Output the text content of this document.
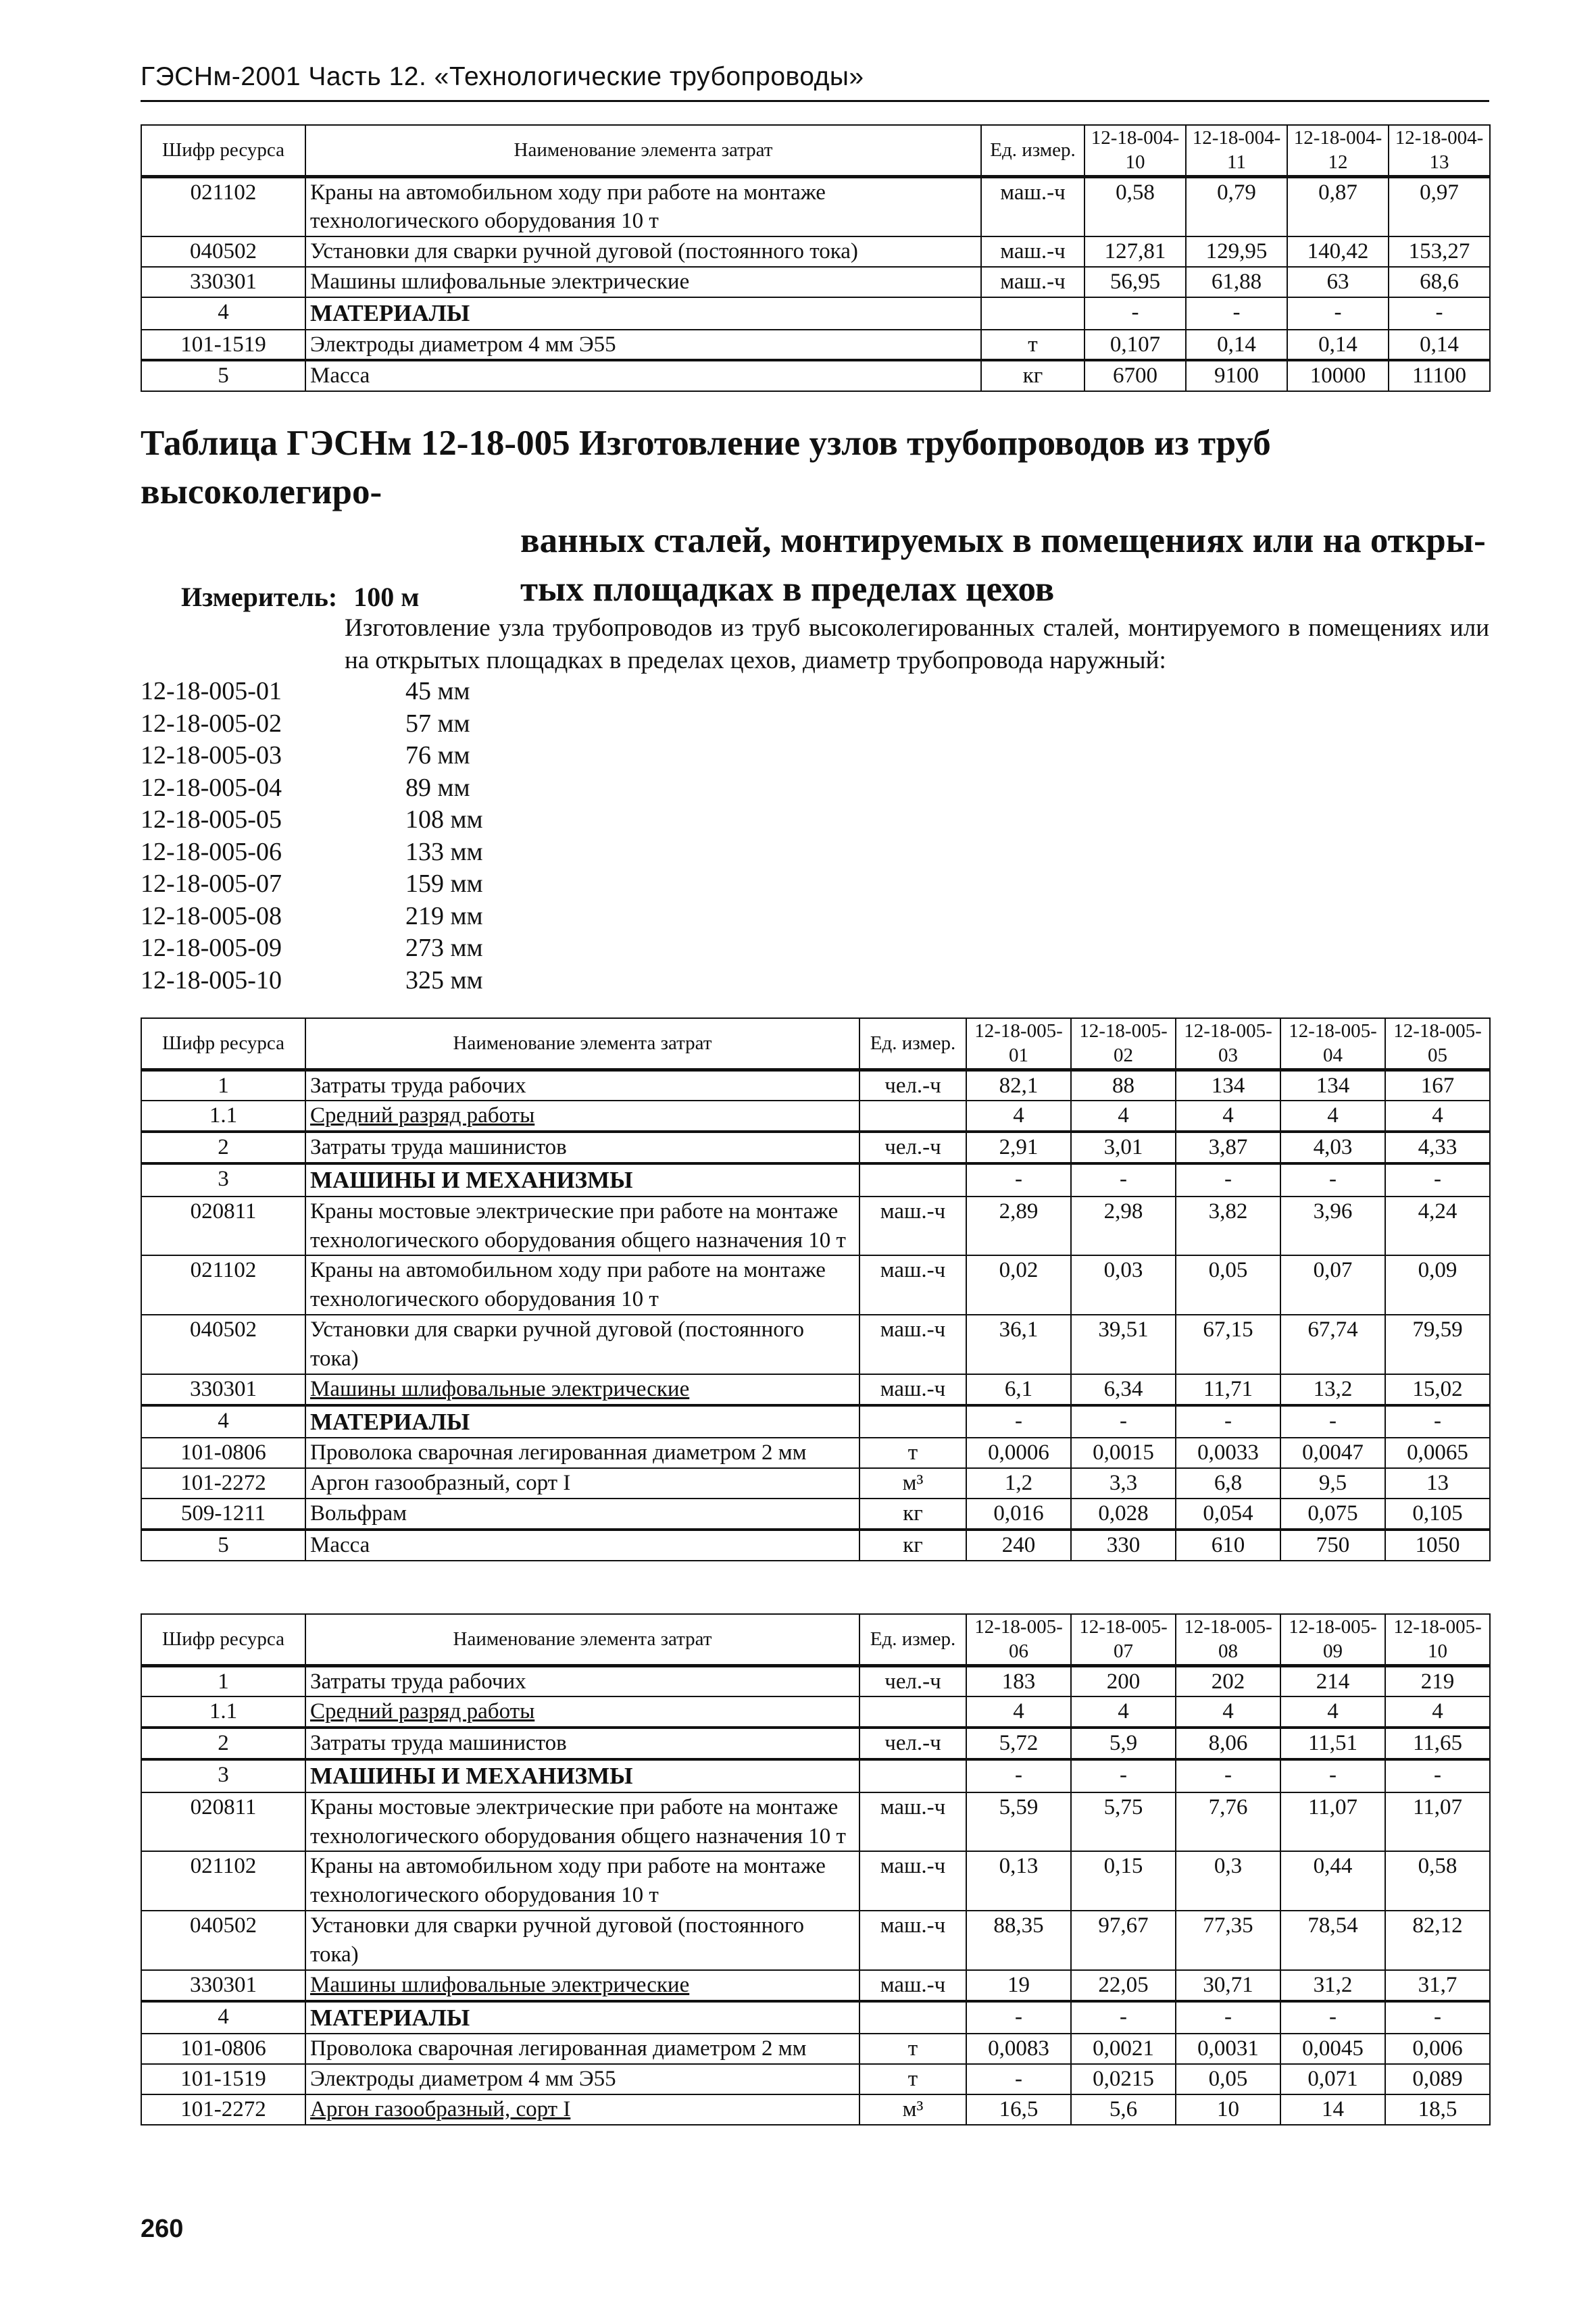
ГЭСНм-2001 Часть 12. «Технологические трубопроводы»
Шифр ресурса	Наименование элемента затрат	Ед. измер.	12-18-004-10	12-18-004-11	12-18-004-12	12-18-004-13
021102	Краны на автомобильном ходу при работе на монтаже технологического оборудования 10 т	маш.-ч	0,58	0,79	0,87	0,97
040502	Установки для сварки ручной дуговой (постоянного тока)	маш.-ч	127,81	129,95	140,42	153,27
330301	Машины шлифовальные электрические	маш.-ч	56,95	61,88	63	68,6
4	МАТЕРИАЛЫ		-	-	-	-
101-1519	Электроды диаметром 4 мм Э55	т	0,107	0,14	0,14	0,14
5	Масса	кг	6700	9100	10000	11100
Таблица ГЭСНм 12-18-005 Изготовление узлов трубопроводов из труб высоколегиро-
ванных сталей, монтируемых в помещениях или на откры-
тых площадках в пределах цехов
Измеритель: 100 м
Изготовление узла трубопроводов из труб высоколегированных сталей, монтируемого в помещениях или на открытых площадках в пределах цехов, диаметр трубопровода наружный:
12-18-005-01	45 мм
12-18-005-02	57 мм
12-18-005-03	76 мм
12-18-005-04	89 мм
12-18-005-05	108 мм
12-18-005-06	133 мм
12-18-005-07	159 мм
12-18-005-08	219 мм
12-18-005-09	273 мм
12-18-005-10	325 мм
Шифр ресурса	Наименование элемента затрат	Ед. измер.	12-18-005-01	12-18-005-02	12-18-005-03	12-18-005-04	12-18-005-05
1	Затраты труда рабочих	чел.-ч	82,1	88	134	134	167
1.1	Средний разряд работы		4	4	4	4	4
2	Затраты труда машинистов	чел.-ч	2,91	3,01	3,87	4,03	4,33
3	МАШИНЫ И МЕХАНИЗМЫ		-	-	-	-	-
020811	Краны мостовые электрические при работе на монтаже технологического оборудования общего назначения 10 т	маш.-ч	2,89	2,98	3,82	3,96	4,24
021102	Краны на автомобильном ходу при работе на монтаже технологического оборудования 10 т	маш.-ч	0,02	0,03	0,05	0,07	0,09
040502	Установки для сварки ручной дуговой (постоянного тока)	маш.-ч	36,1	39,51	67,15	67,74	79,59
330301	Машины шлифовальные электрические	маш.-ч	6,1	6,34	11,71	13,2	15,02
4	МАТЕРИАЛЫ		-	-	-	-	-
101-0806	Проволока сварочная легированная диаметром 2 мм	т	0,0006	0,0015	0,0033	0,0047	0,0065
101-2272	Аргон газообразный, сорт I	м³	1,2	3,3	6,8	9,5	13
509-1211	Вольфрам	кг	0,016	0,028	0,054	0,075	0,105
5	Масса	кг	240	330	610	750	1050
Шифр ресурса	Наименование элемента затрат	Ед. измер.	12-18-005-06	12-18-005-07	12-18-005-08	12-18-005-09	12-18-005-10
1	Затраты труда рабочих	чел.-ч	183	200	202	214	219
1.1	Средний разряд работы		4	4	4	4	4
2	Затраты труда машинистов	чел.-ч	5,72	5,9	8,06	11,51	11,65
3	МАШИНЫ И МЕХАНИЗМЫ		-	-	-	-	-
020811	Краны мостовые электрические при работе на монтаже технологического оборудования общего назначения 10 т	маш.-ч	5,59	5,75	7,76	11,07	11,07
021102	Краны на автомобильном ходу при работе на монтаже технологического оборудования 10 т	маш.-ч	0,13	0,15	0,3	0,44	0,58
040502	Установки для сварки ручной дуговой (постоянного тока)	маш.-ч	88,35	97,67	77,35	78,54	82,12
330301	Машины шлифовальные электрические	маш.-ч	19	22,05	30,71	31,2	31,7
4	МАТЕРИАЛЫ		-	-	-	-	-
101-0806	Проволока сварочная легированная диаметром 2 мм	т	0,0083	0,0021	0,0031	0,0045	0,006
101-1519	Электроды диаметром 4 мм Э55	т	-	0,0215	0,05	0,071	0,089
101-2272	Аргон газообразный, сорт I	м³	16,5	5,6	10	14	18,5
260
